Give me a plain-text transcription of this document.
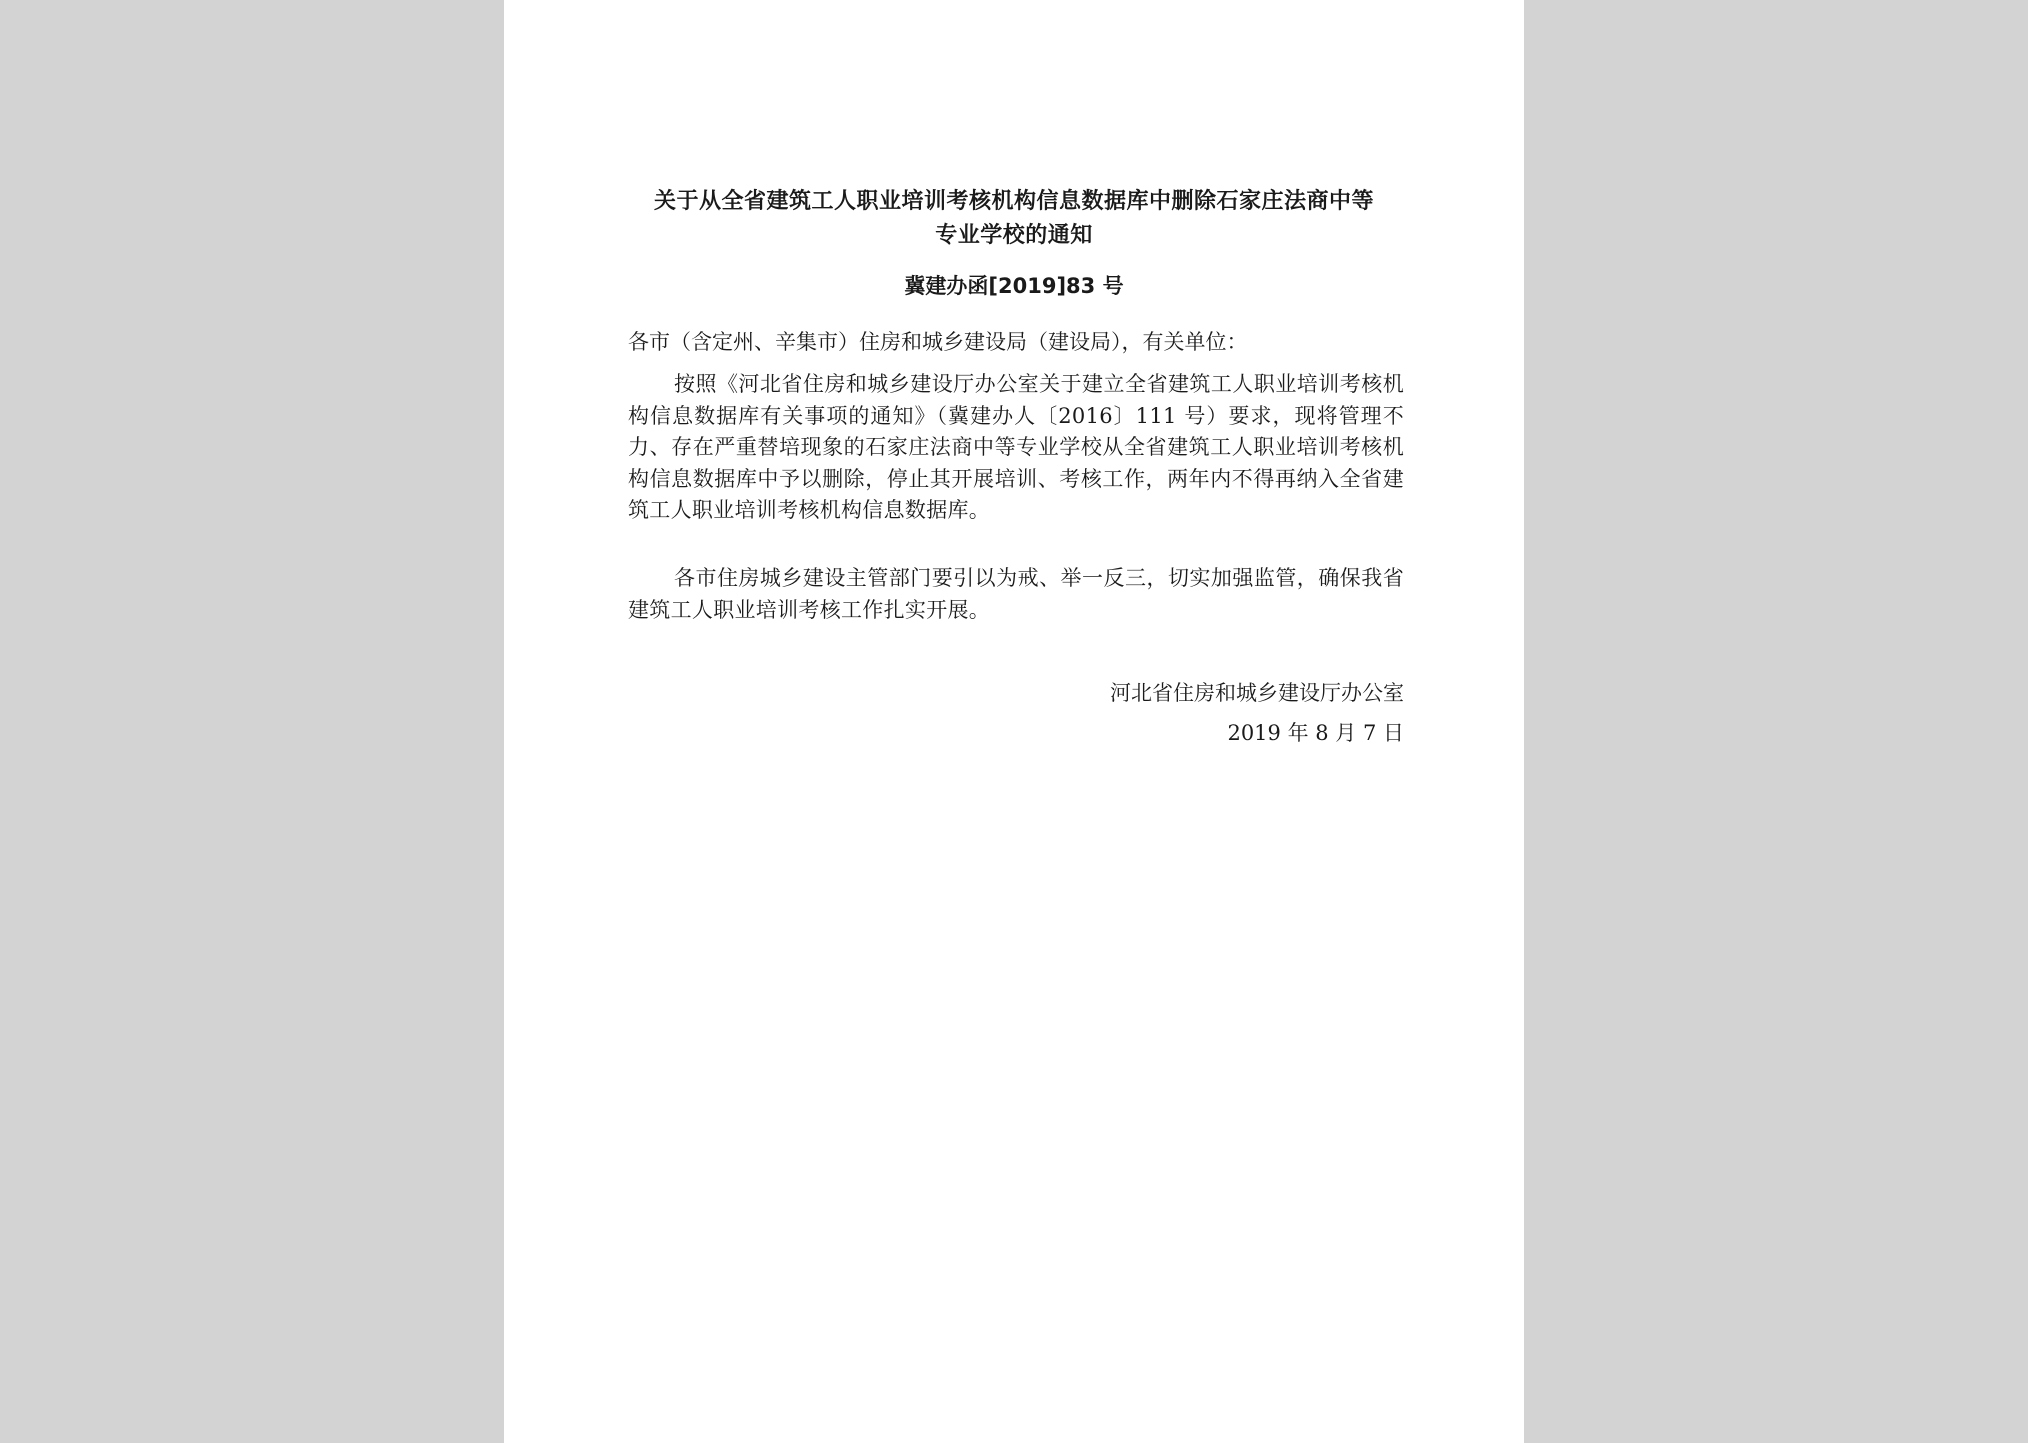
关于从全省建筑工人职业培训考核机构信息数据库中删除石家庄法商中等
专业学校的通知
冀建办函[2019]83 号
各市（含定州、辛集市）住房和城乡建设局（建设局），有关单位：

按照《河北省住房和城乡建设厅办公室关于建立全省建筑工人职业培训考核机构信息数据库有关事项的通知》（冀建办人〔2016〕111 号）要求，现将管理不力、存在严重替培现象的石家庄法商中等专业学校从全省建筑工人职业培训考核机构信息数据库中予以删除，停止其开展培训、考核工作，两年内不得再纳入全省建筑工人职业培训考核机构信息数据库。

各市住房城乡建设主管部门要引以为戒、举一反三，切实加强监管，确保我省建筑工人职业培训考核工作扎实开展。

河北省住房和城乡建设厅办公室
2019 年 8 月 7 日
